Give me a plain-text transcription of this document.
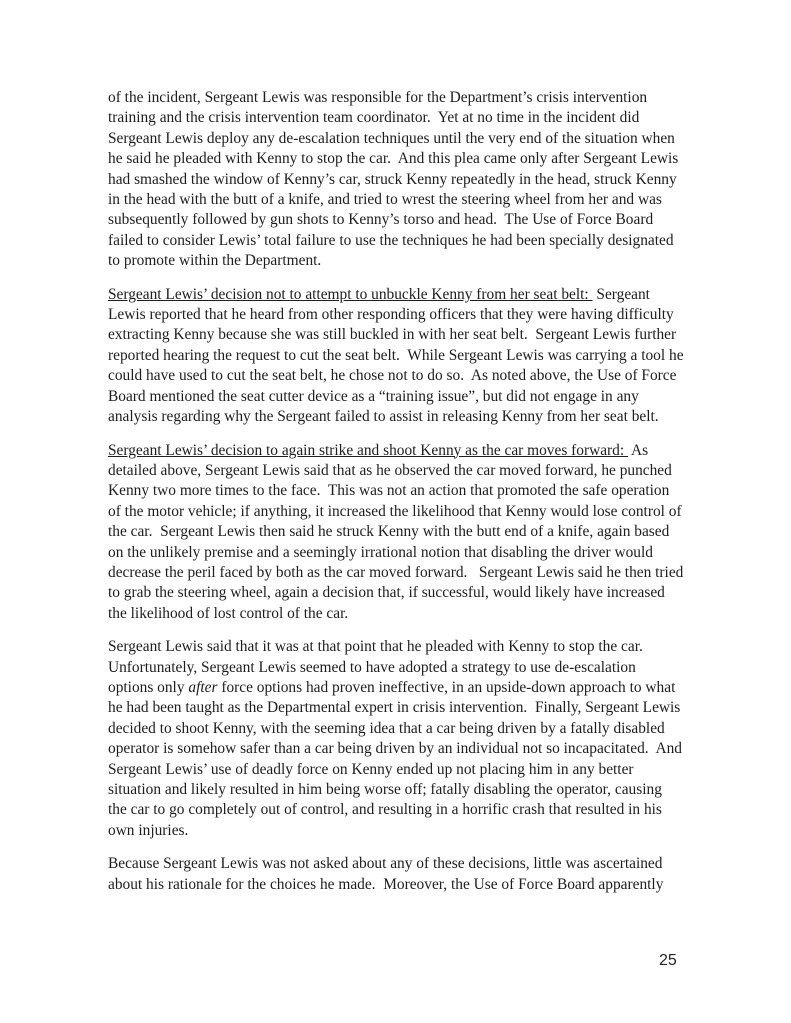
of the incident, Sergeant Lewis was responsible for the Department’s crisis intervention training and the crisis intervention team coordinator.  Yet at no time in the incident did Sergeant Lewis deploy any de-escalation techniques until the very end of the situation when he said he pleaded with Kenny to stop the car.  And this plea came only after Sergeant Lewis had smashed the window of Kenny’s car, struck Kenny repeatedly in the head, struck Kenny in the head with the butt of a knife, and tried to wrest the steering wheel from her and was subsequently followed by gun shots to Kenny’s torso and head.  The Use of Force Board failed to consider Lewis’ total failure to use the techniques he had been specially designated to promote within the Department.

Sergeant Lewis’ decision not to attempt to unbuckle Kenny from her seat belt:  Sergeant Lewis reported that he heard from other responding officers that they were having difficulty extracting Kenny because she was still buckled in with her seat belt.  Sergeant Lewis further reported hearing the request to cut the seat belt.  While Sergeant Lewis was carrying a tool he could have used to cut the seat belt, he chose not to do so.  As noted above, the Use of Force Board mentioned the seat cutter device as a “training issue”, but did not engage in any analysis regarding why the Sergeant failed to assist in releasing Kenny from her seat belt.

Sergeant Lewis’ decision to again strike and shoot Kenny as the car moves forward:  As detailed above, Sergeant Lewis said that as he observed the car moved forward, he punched Kenny two more times to the face.  This was not an action that promoted the safe operation of the motor vehicle; if anything, it increased the likelihood that Kenny would lose control of the car.  Sergeant Lewis then said he struck Kenny with the butt end of a knife, again based on the unlikely premise and a seemingly irrational notion that disabling the driver would decrease the peril faced by both as the car moved forward.   Sergeant Lewis said he then tried to grab the steering wheel, again a decision that, if successful, would likely have increased the likelihood of lost control of the car.

Sergeant Lewis said that it was at that point that he pleaded with Kenny to stop the car.  Unfortunately, Sergeant Lewis seemed to have adopted a strategy to use de-escalation options only after force options had proven ineffective, in an upside-down approach to what he had been taught as the Departmental expert in crisis intervention.  Finally, Sergeant Lewis decided to shoot Kenny, with the seeming idea that a car being driven by a fatally disabled operator is somehow safer than a car being driven by an individual not so incapacitated.  And Sergeant Lewis’ use of deadly force on Kenny ended up not placing him in any better situation and likely resulted in him being worse off; fatally disabling the operator, causing the car to go completely out of control, and resulting in a horrific crash that resulted in his own injuries.

Because Sergeant Lewis was not asked about any of these decisions, little was ascertained about his rationale for the choices he made.  Moreover, the Use of Force Board apparently

25
